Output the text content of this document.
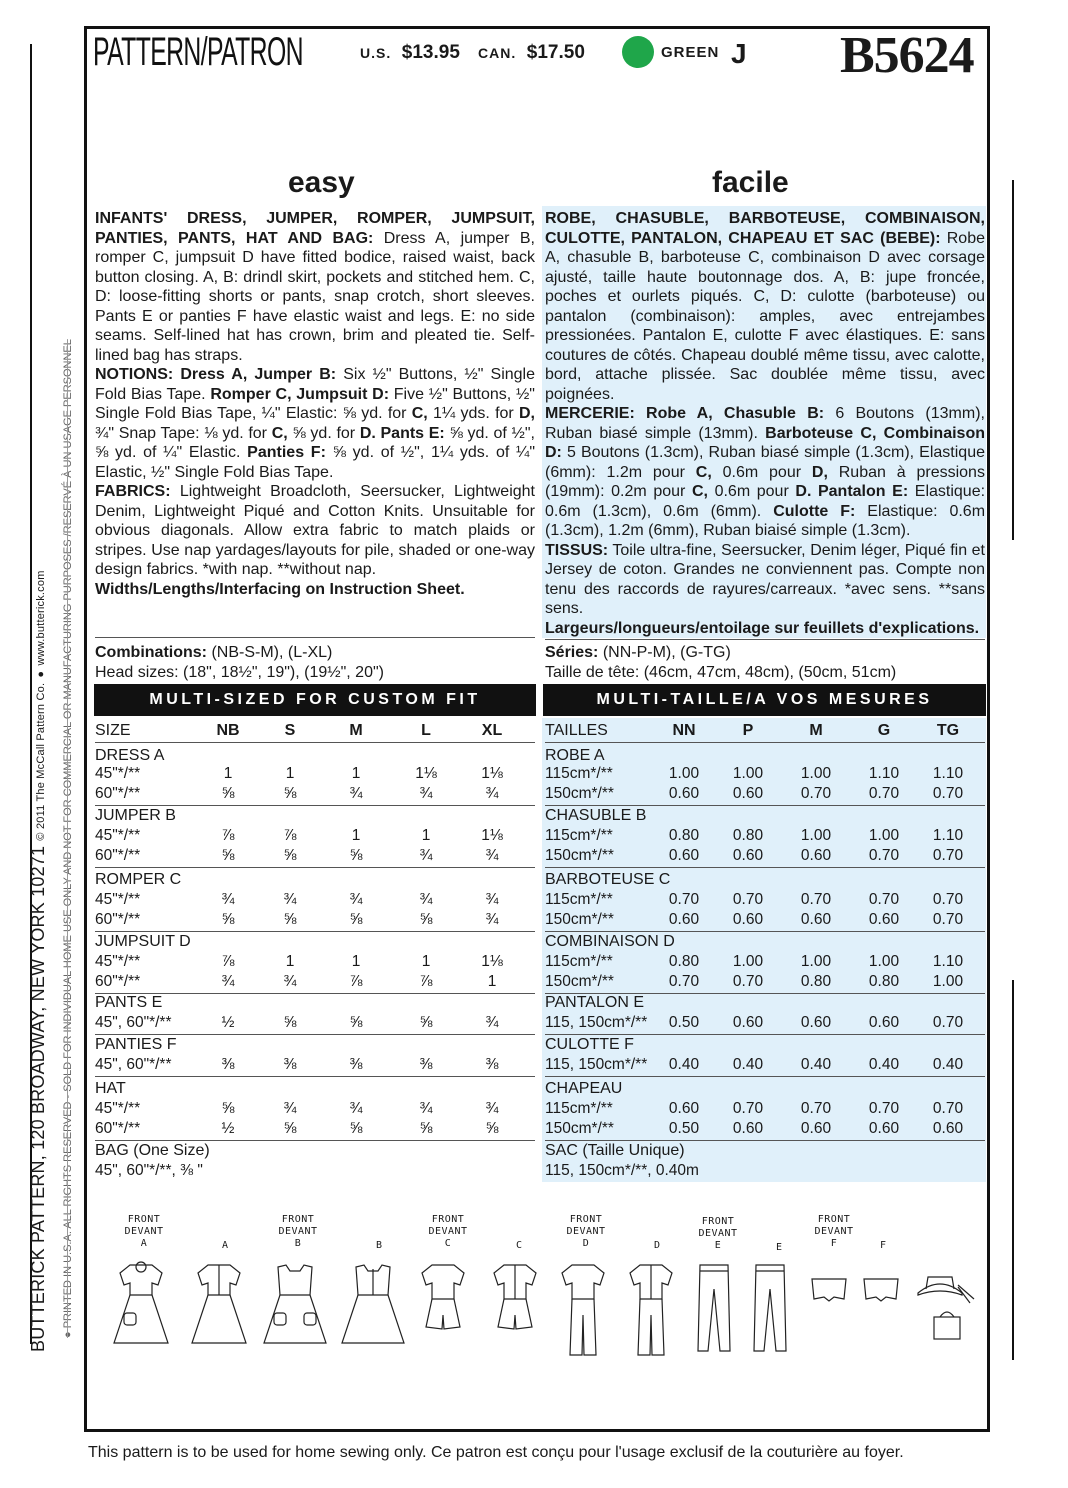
BUTTERICK PATTERN, 120 BROADWAY, NEW YORK 10271 © 2011 The McCall Pattern Co. ● www.butterick.com
● PRINTED IN U.S.A. ALL RIGHTS RESERVED - SOLD FOR INDIVIDUAL HOME USE ONLY AND NOT FOR COMMERCIAL OR MANUFACTURING PURPOSES /RESERVÉ À UN USAGE PERSONNEL
PATTERN/PATRON	U.S. $13.95 CAN. $17.50	GREEN J B5624
easy	facile

INFANTS' DRESS, JUMPER, ROMPER, JUMPSUIT, PANTIES, PANTS, HAT AND BAG: Dress A, jumper B, romper C, jumpsuit D have fitted bodice, raised waist, back button closing. A, B: drindl skirt, pockets and stitched hem. C, D: loose-fitting shorts or pants, snap crotch, short sleeves. Pants E or panties F have elastic waist and legs. E: no side seams. Self-lined hat has crown, brim and pleated tie. Self-lined bag has straps.

NOTIONS: Dress A, Jumper B: Six ½" Buttons, ½" Single Fold Bias Tape. Romper C, Jumpsuit D: Five ½" Buttons, ½" Single Fold Bias Tape, ¼" Elastic: ⅝ yd. for C, 1¼ yds. for D, ¾" Snap Tape: ⅛ yd. for C, ⅝ yd. for D. Pants E: ⅝ yd. of ½", ⅝ yd. of ¼" Elastic. Panties F: ⅝ yd. of ½", 1¼ yds. of ¼" Elastic, ½" Single Fold Bias Tape.

FABRICS: Lightweight Broadcloth, Seersucker, Lightweight Denim, Lightweight Piqué and Cotton Knits. Unsuitable for obvious diagonals. Allow extra fabric to match plaids or stripes. Use nap yardages/layouts for pile, shaded or one-way design fabrics. *with nap. **without nap.

Widths/Lengths/Interfacing on Instruction Sheet.

ROBE, CHASUBLE, BARBOTEUSE, COMBINAISON, CULOTTE, PANTALON, CHAPEAU ET SAC (BEBE): Robe A, chasuble B, barboteuse C, combinaison D avec corsage ajusté, taille haute boutonnage dos. A, B: jupe froncée, poches et ourlets piqués. C, D: culotte (barboteuse) ou pantalon (combinaison): amples, avec entrejambes pressionées. Pantalon E, culotte F avec élastiques. E: sans coutures de côtés. Chapeau doublé même tissu, avec calotte, bord, attache plissée. Sac doublée même tissu, avec poignées.

MERCERIE: Robe A, Chasuble B: 6 Boutons (13mm), Ruban biasé simple (13mm). Barboteuse C, Combinaison D: 5 Boutons (1.3cm), Ruban biasé simple (1.3cm), Elastique (6mm): 1.2m pour C, 0.6m pour D, Ruban à pressions (19mm): 0.2m pour C, 0.6m pour D. Pantalon E: Elastique: 0.6m (1.3cm), 0.6m (6mm). Culotte F: Elastique: 0.6m (1.3cm), 1.2m (6mm), Ruban biaisé simple (1.3cm).

TISSUS: Toile ultra-fine, Seersucker, Denim léger, Piqué fin et Jersey de coton. Grandes ne conviennent pas. Compte non tenu des raccords de rayures/carreaux. *avec sens. **sans sens.

Largeurs/longueurs/entoilage sur feuillets d'explications.

Combinations: (NB-S-M), (L-XL)
Head sizes: (18", 18½", 19"), (19½", 20")
Séries: (NN-P-M), (G-TG)
Taille de tête: (46cm, 47cm, 48cm), (50cm, 51cm)
MULTI-SIZED FOR CUSTOM FIT	MULTI-TAILLE/A VOS MESURES
This pattern is to be used for home sewing only. Ce patron est conçu pour l'usage exclusif de la couturière au foyer.
SIZE	NB	S	M	L	XL
DRESS A
45"*/**	1	1	1	1⅛	1⅛
60"*/**	⅝	⅝	¾	¾	¾
JUMPER B
45"*/**	⅞	⅞	1	1	1⅛
60"*/**	⅝	⅝	⅝	¾	¾
ROMPER C
45"*/**	¾	¾	¾	¾	¾
60"*/**	⅝	⅝	⅝	⅝	¾
JUMPSUIT D
45"*/**	⅞	1	1	1	1⅛
60"*/**	¾	¾	⅞	⅞	1
PANTS E
45", 60"*/**	½	⅝	⅝	⅝	¾
PANTIES F
45", 60"*/**	⅜	⅜	⅜	⅜	⅜
HAT
45"*/**	⅝	¾	¾	¾	¾
60"*/**	½	⅝	⅝	⅝	⅝
BAG (One Size)
45", 60"*/**, ⅜ "
TAILLES	NN	P	M	G	TG
ROBE A
115cm*/**	1.00 1.00 1.00 1.10 1.10
150cm*/**	0.60 0.60 0.70 0.70 0.70
CHASUBLE B
115cm*/**	0.80 0.80 1.00 1.00 1.10
150cm*/**	0.60 0.60 0.60 0.70 0.70
BARBOTEUSE C
115cm*/**	0.70 0.70 0.70 0.70 0.70
150cm*/**	0.60 0.60 0.60 0.60 0.70
COMBINAISON D
115cm*/**	0.80 1.00 1.00 1.00 1.10
150cm*/**	0.70 0.70 0.80 0.80 1.00
PANTALON E
115, 150cm*/** 0.50 0.60 0.60 0.60 0.70
CULOTTE F
115, 150cm*/** 0.40 0.40 0.40 0.40 0.40
CHAPEAU
115cm*/**	0.60 0.70 0.70 0.70 0.70
150cm*/**	0.50 0.60 0.60 0.60 0.60
SAC (Taille Unique)
115, 150cm*/**, 0.40m
FRONT
DEVANT
A	A
FRONT
DEVANT
B	B
FRONT
DEVANT
C	C
FRONT
DEVANT
D	D
FRONT
DEVANT
E	E
FRONT
DEVANT
F	F
